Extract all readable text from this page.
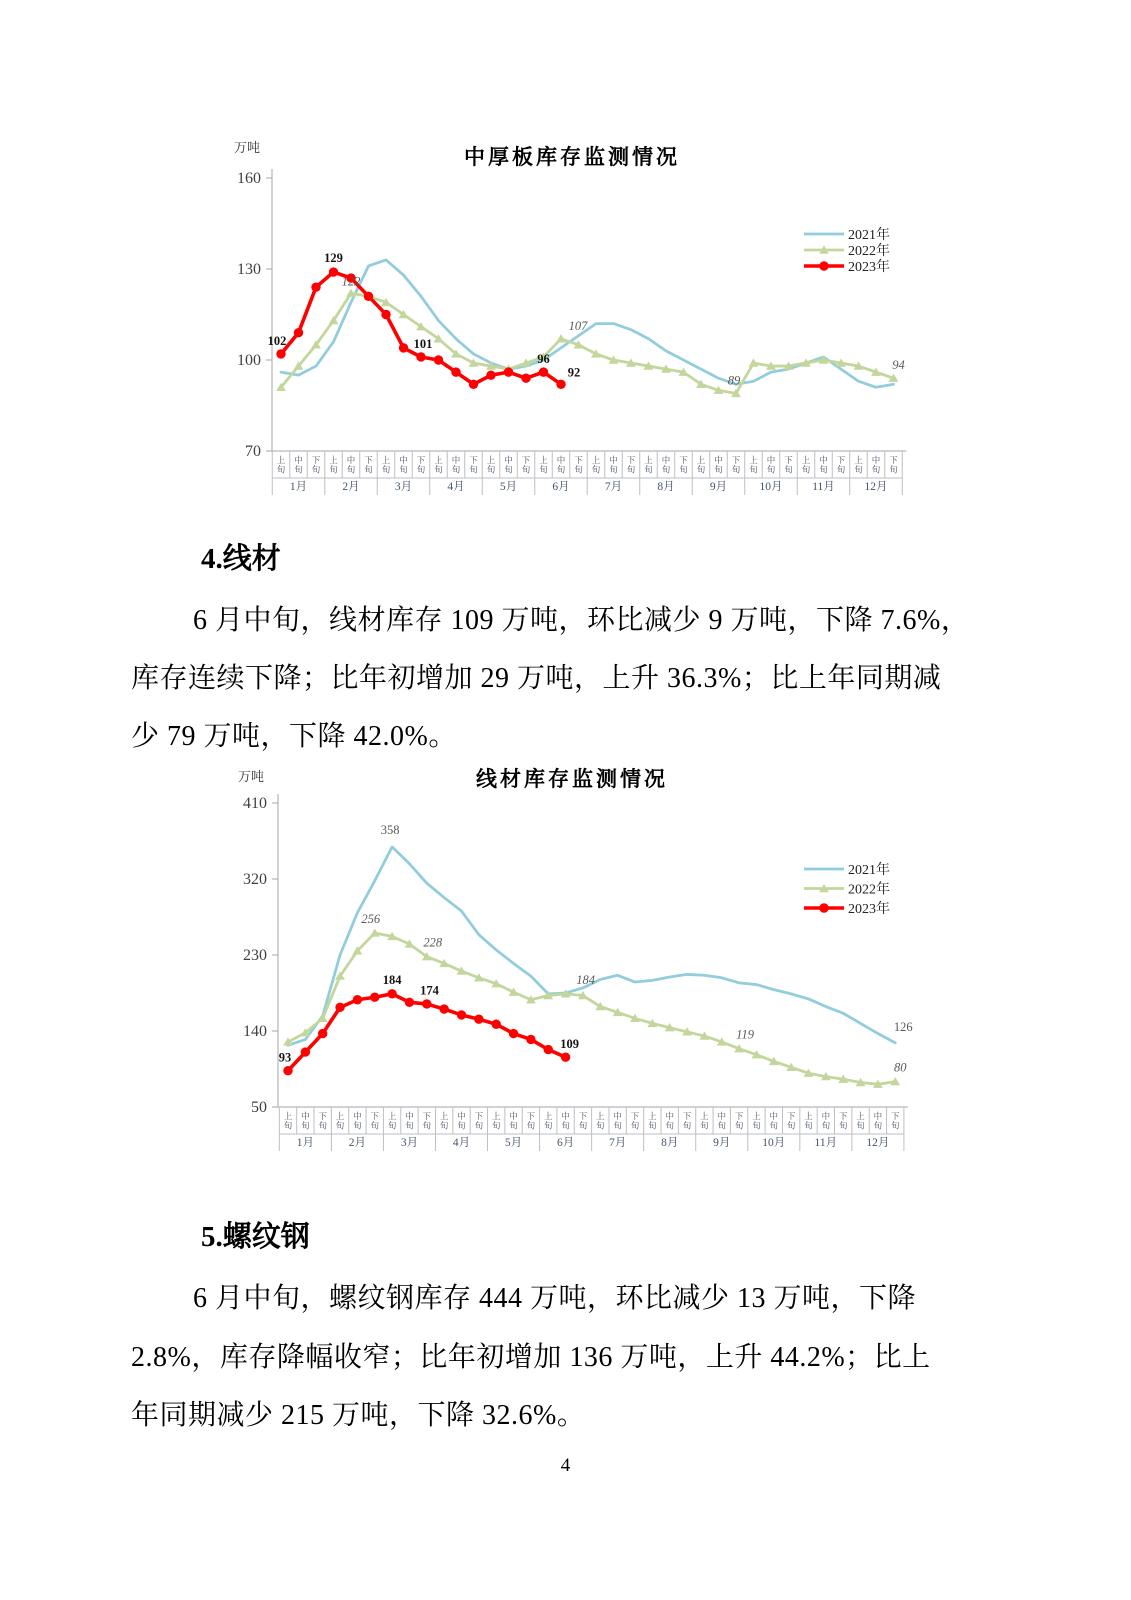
中厚板库存监测情况
万吨
160
130
100
70 上旬
中旬
下旬
上旬
中旬
下旬
上旬
中旬
下旬
上旬
中旬
下旬
上旬
中旬
下旬
上旬
中旬
下旬
上旬
中旬
下旬
上旬
中旬
下旬
上旬
中旬
下旬
上旬
中旬
下旬
上旬
中旬
下旬
上旬
中旬
下旬
1月	2月	3月	4月	5月	6月	7月	8月	9月	10月	11月	12月
102
129
101
96
92
122
107
89
94
2021年
2022年
2023年
线材库存监测情况
万吨
410
320
230
140
50 上旬
中旬
下旬
上旬
中旬
下旬
上旬
中旬
下旬
上旬
中旬
下旬
上旬
中旬
下旬
上旬
中旬
下旬
上旬
中旬
下旬
上旬
中旬
下旬
上旬
中旬
下旬
上旬
中旬
下旬
上旬
中旬
下旬
上旬
中旬
下旬
1月	2月	3月	4月	5月	6月	7月	8月	9月	10月	11月	12月
93
184
174
109
256
228
184
119
80
358
126
2021年
2022年
2023年
4.线材
6 月中旬，线材库存 109 万吨，环比减少 9 万吨，下降 7.6%，
库存连续下降；比年初增加 29 万吨，上升 36.3%；比上年同期减
少 79 万吨，下降 42.0%。
5.螺纹钢
6 月中旬，螺纹钢库存 444 万吨，环比减少 13 万吨，下降
2.8%，库存降幅收窄；比年初增加 136 万吨，上升 44.2%；比上
年同期减少 215 万吨，下降 32.6%。
4
